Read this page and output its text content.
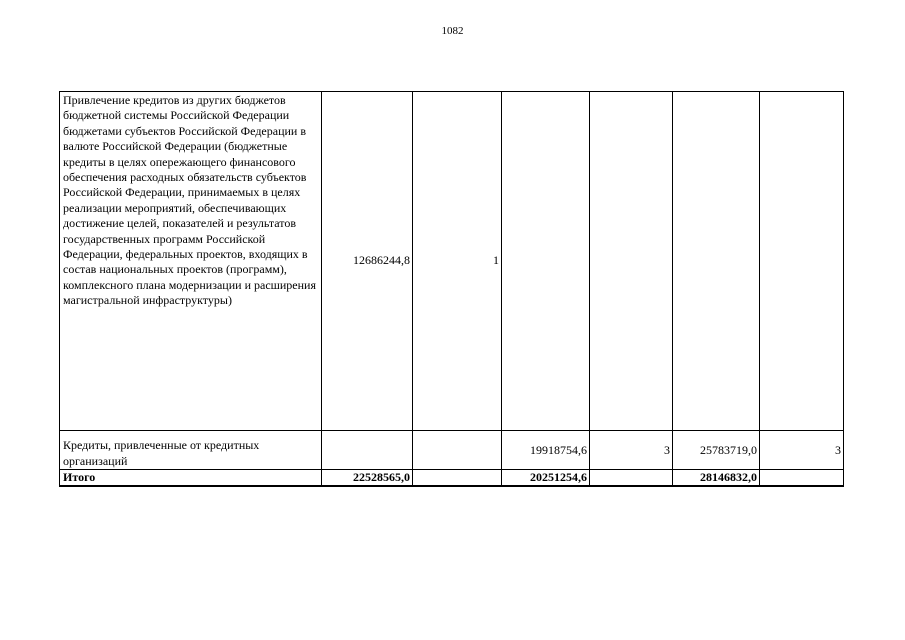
1082
Привлечение кредитов из других бюджетов бюджетной системы Российской Федерации бюджетами субъектов Российской Федерации в валюте Российской Федерации (бюджетные кредиты в целях опережающего финансового обеспечения расходных обязательств субъектов Российской Федерации, принимаемых в целях реализации мероприятий, обеспечивающих достижение целей, показателей и результатов государственных программ Российской Федерации, федеральных проектов, входящих в состав национальных проектов (программ), комплексного плана модернизации и расширения магистральной инфраструктуры)	12686244,8	1				
Кредиты, привлеченные от кредитных организаций			19918754,6	3	25783719,0	3
Итого	22528565,0		20251254,6		28146832,0	
